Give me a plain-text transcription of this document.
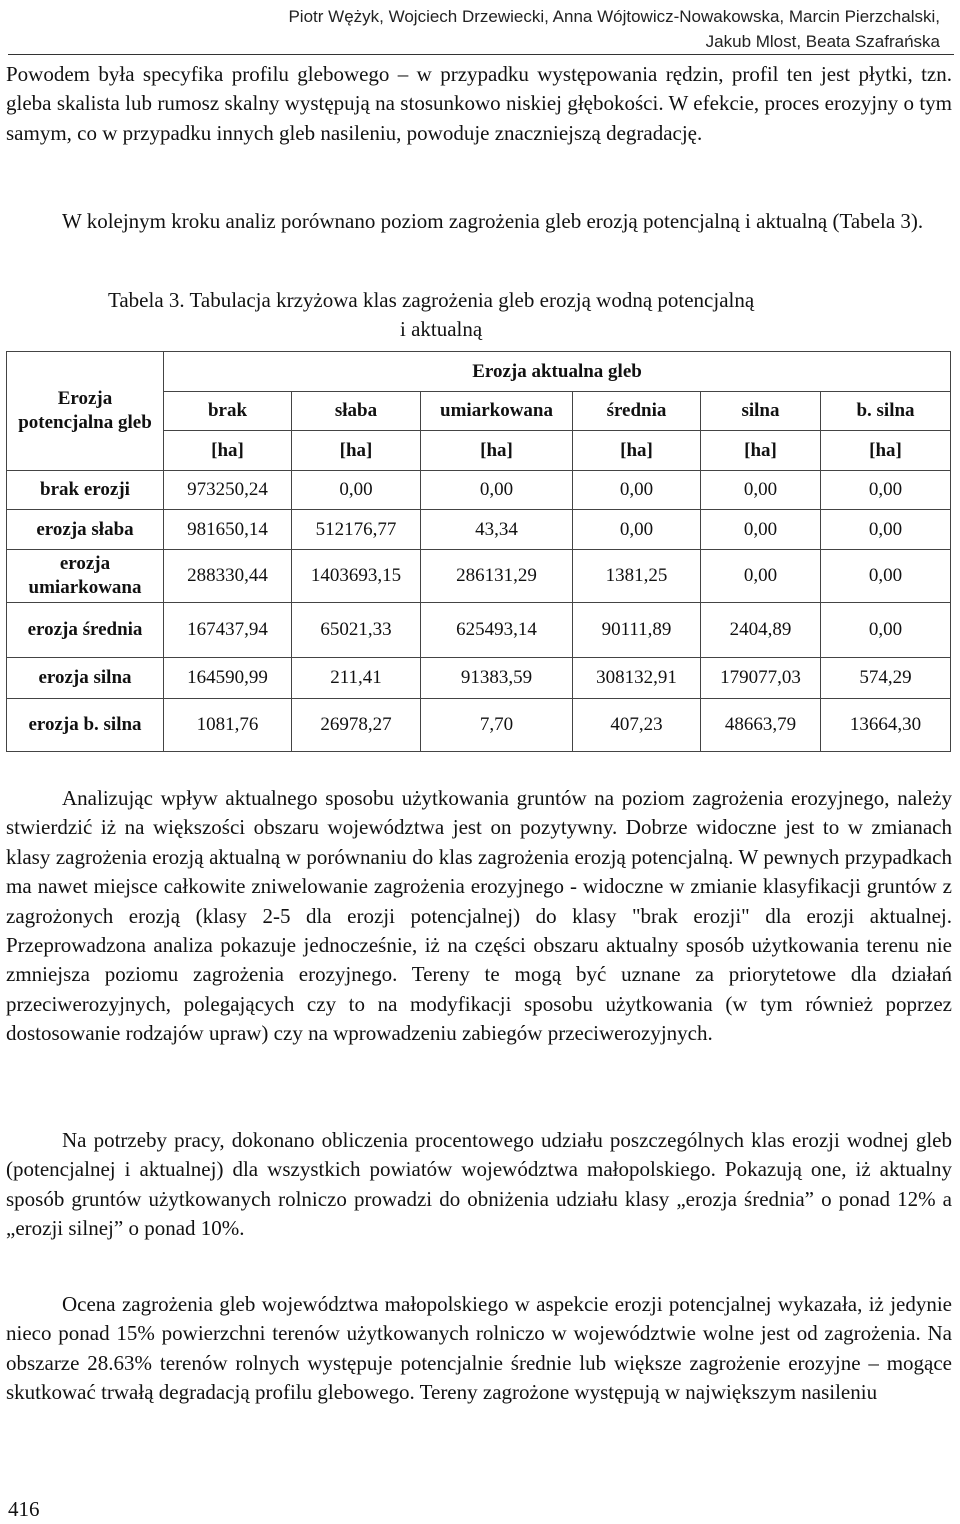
Piotr Wężyk, Wojciech Drzewiecki, Anna Wójtowicz-Nowakowska, Marcin Pierzchalski,
Jakub Mlost, Beata Szafrańska

Powodem była specyfika profilu glebowego – w przypadku występowania rędzin, profil ten jest płytki, tzn. gleba skalista lub rumosz skalny występują na stosunkowo niskiej głębokości. W efekcie, proces erozyjny o tym samym, co w przypadku innych gleb nasileniu, powoduje znaczniejszą degradację.

W kolejnym kroku analiz porównano poziom zagrożenia gleb erozją potencjalną i aktualną (Tabela 3).

Tabela 3. Tabulacja krzyżowa klas zagrożenia gleb erozją wodną potencjalną
i aktualną
Erozja potencjalna gleb	Erozja aktualna gleb					
	brak	słaba	umiarkowana	średnia	silna	b. silna
	[ha]	[ha]	[ha]	[ha]	[ha]	[ha]
brak erozji	973250,24	0,00	0,00	0,00	0,00	0,00
erozja słaba	981650,14	512176,77	43,34	0,00	0,00	0,00
erozja umiarkowana	288330,44	1403693,15	286131,29	1381,25	0,00	0,00
erozja średnia	167437,94	65021,33	625493,14	90111,89	2404,89	0,00
erozja silna	164590,99	211,41	91383,59	308132,91	179077,03	574,29
erozja b. silna	1081,76	26978,27	7,70	407,23	48663,79	13664,30

Analizując wpływ aktualnego sposobu użytkowania gruntów na poziom zagrożenia erozyjnego, należy stwierdzić iż na większości obszaru województwa jest on pozytywny. Dobrze widoczne jest to w zmianach klasy zagrożenia erozją aktualną w porównaniu do klas zagrożenia erozją potencjalną. W pewnych przypadkach ma nawet miejsce całkowite zniwelowanie zagrożenia erozyjnego - widoczne w zmianie klasyfikacji gruntów z zagrożonych erozją (klasy 2-5 dla erozji potencjalnej) do klasy "brak erozji" dla erozji aktualnej. Przeprowadzona analiza pokazuje jednocześnie, iż na części obszaru aktualny sposób użytkowania terenu nie zmniejsza poziomu zagrożenia erozyjnego. Tereny te mogą być uznane za priorytetowe dla działań przeciwerozyjnych, polegających czy to na modyfikacji sposobu użytkowania (w tym również poprzez dostosowanie rodzajów upraw) czy na wprowadzeniu zabiegów przeciwerozyjnych.

Na potrzeby pracy, dokonano obliczenia procentowego udziału poszczególnych klas erozji wodnej gleb (potencjalnej i aktualnej) dla wszystkich powiatów województwa małopolskiego. Pokazują one, iż aktualny sposób gruntów użytkowanych rolniczo prowadzi do obniżenia udziału klasy „erozja średnia” o ponad 12% a „erozji silnej” o ponad 10%.

Ocena zagrożenia gleb województwa małopolskiego w aspekcie erozji potencjalnej wykazała, iż jedynie nieco ponad 15% powierzchni terenów użytkowanych rolniczo w województwie wolne jest od zagrożenia. Na obszarze 28.63% terenów rolnych występuje potencjalnie średnie lub większe zagrożenie erozyjne – mogące skutkować trwałą degradacją profilu glebowego. Tereny zagrożone występują w największym nasileniu

416
